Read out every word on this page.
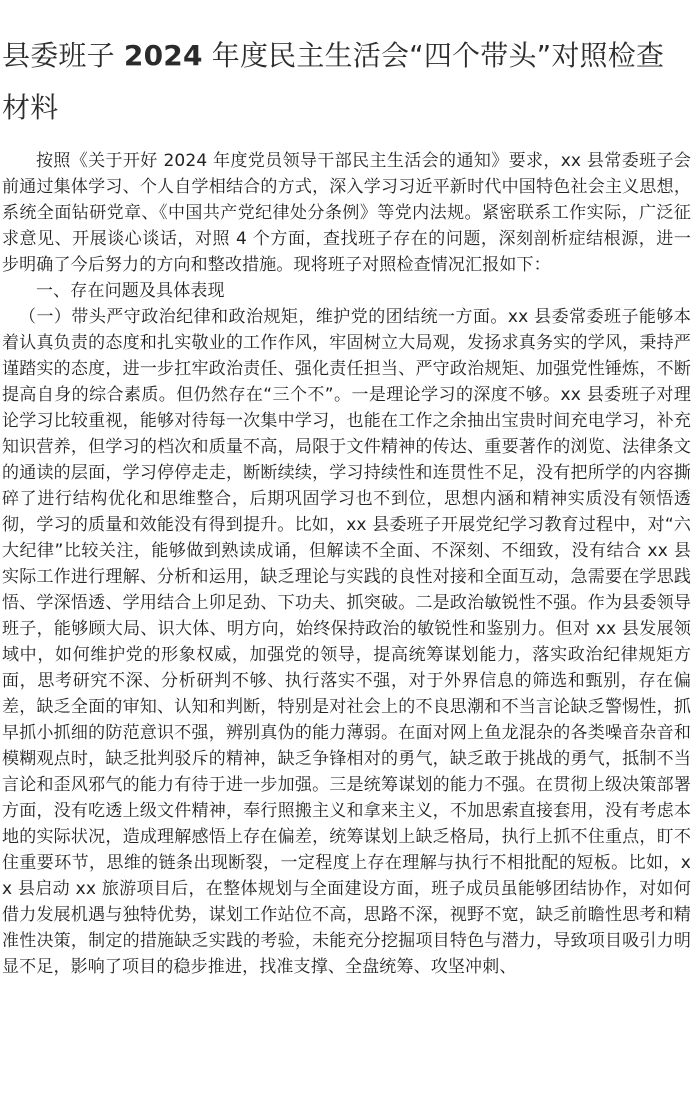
县委班子 2024 年度民主生活会“四个带头”对照检查材料

按照《关于开好 2024 年度党员领导干部民主生活会的通知》要求，xx 县常委班子会前通过集体学习、个人自学相结合的方式，深入学习习近平新时代中国特色社会主义思想，系统全面钻研党章、《中国共产党纪律处分条例》等党内法规。紧密联系工作实际，广泛征求意见、开展谈心谈话，对照 4 个方面，查找班子存在的问题，深刻剖析症结根源，进一步明确了今后努力的方向和整改措施。现将班子对照检查情况汇报如下：

一、存在问题及具体表现

（一）带头严守政治纪律和政治规矩，维护党的团结统一方面。xx 县委常委班子能够本着认真负责的态度和扎实敬业的工作作风，牢固树立大局观，发扬求真务实的学风，秉持严谨踏实的态度，进一步扛牢政治责任、强化责任担当、严守政治规矩、加强党性锤炼，不断提高自身的综合素质。但仍然存在“三个不”。一是理论学习的深度不够。xx 县委班子对理论学习比较重视，能够对待每一次集中学习，也能在工作之余抽出宝贵时间充电学习，补充知识营养，但学习的档次和质量不高，局限于文件精神的传达、重要著作的浏览、法律条文的通读的层面，学习停停走走，断断续续，学习持续性和连贯性不足，没有把所学的内容撕碎了进行结构优化和思维整合，后期巩固学习也不到位，思想内涵和精神实质没有领悟透彻，学习的质量和效能没有得到提升。比如，xx 县委班子开展党纪学习教育过程中，对“六大纪律”比较关注，能够做到熟读成诵，但解读不全面、不深刻、不细致，没有结合 xx 县实际工作进行理解、分析和运用，缺乏理论与实践的良性对接和全面互动，急需要在学思践悟、学深悟透、学用结合上卯足劲、下功夫、抓突破。二是政治敏锐性不强。作为县委领导班子，能够顾大局、识大体、明方向，始终保持政治的敏锐性和鉴别力。但对 xx 县发展领域中，如何维护党的形象权威，加强党的领导，提高统筹谋划能力，落实政治纪律规矩方面，思考研究不深、分析研判不够、执行落实不强，对于外界信息的筛选和甄别，存在偏差，缺乏全面的审知、认知和判断，特别是对社会上的不良思潮和不当言论缺乏警惕性，抓早抓小抓细的防范意识不强，辨别真伪的能力薄弱。在面对网上鱼龙混杂的各类噪音杂音和模糊观点时，缺乏批判驳斥的精神，缺乏争锋相对的勇气，缺乏敢于挑战的勇气，抵制不当言论和歪风邪气的能力有待于进一步加强。三是统筹谋划的能力不强。在贯彻上级决策部署方面，没有吃透上级文件精神，奉行照搬主义和拿来主义，不加思索直接套用，没有考虑本地的实际状况，造成理解感悟上存在偏差，统筹谋划上缺乏格局，执行上抓不住重点，盯不住重要环节，思维的链条出现断裂，一定程度上存在理解与执行不相批配的短板。比如，xx 县启动 xx 旅游项目后，在整体规划与全面建设方面，班子成员虽能够团结协作，对如何借力发展机遇与独特优势，谋划工作站位不高，思路不深，视野不宽，缺乏前瞻性思考和精准性决策，制定的措施缺乏实践的考验，未能充分挖掘项目特色与潜力，导致项目吸引力明显不足，影响了项目的稳步推进，找准支撑、全盘统筹、攻坚冲刺、
